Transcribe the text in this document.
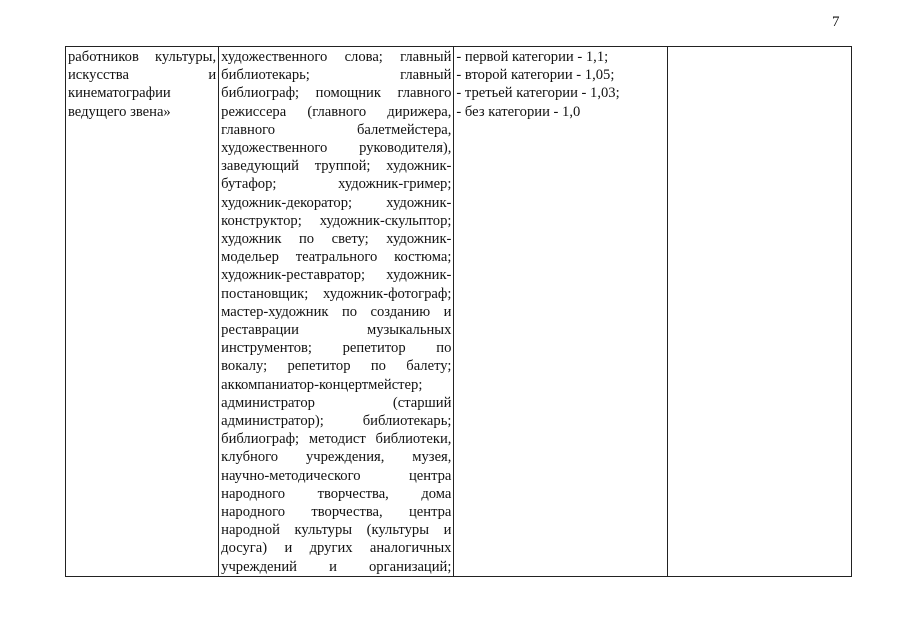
7
работников культуры,
искусства и
кинематографии
ведущего звена»

художественного слова; главный
библиотекарь; главный
библиограф; помощник главного
режиссера (главного дирижера,
главного балетмейстера,
художественного руководителя),
заведующий труппой; художник-
бутафор; художник-гример;
художник-декоратор; художник-
конструктор; художник-скульптор;
художник по свету; художник-
модельер театрального костюма;
художник-реставратор; художник-
постановщик; художник-фотограф;
мастер-художник по созданию и
реставрации музыкальных
инструментов; репетитор по
вокалу; репетитор по балету;
аккомпаниатор-концертмейстер;
администратор (старший
администратор); библиотекарь;
библиограф; методист библиотеки,
клубного учреждения, музея,
научно-методического центра
народного творчества, дома
народного творчества, центра
народной культуры (культуры и
досуга) и других аналогичных
учреждений и организаций;

- первой категории - 1,1;
- второй категории - 1,05;
- третьей категории - 1,03;
- без категории - 1,0
